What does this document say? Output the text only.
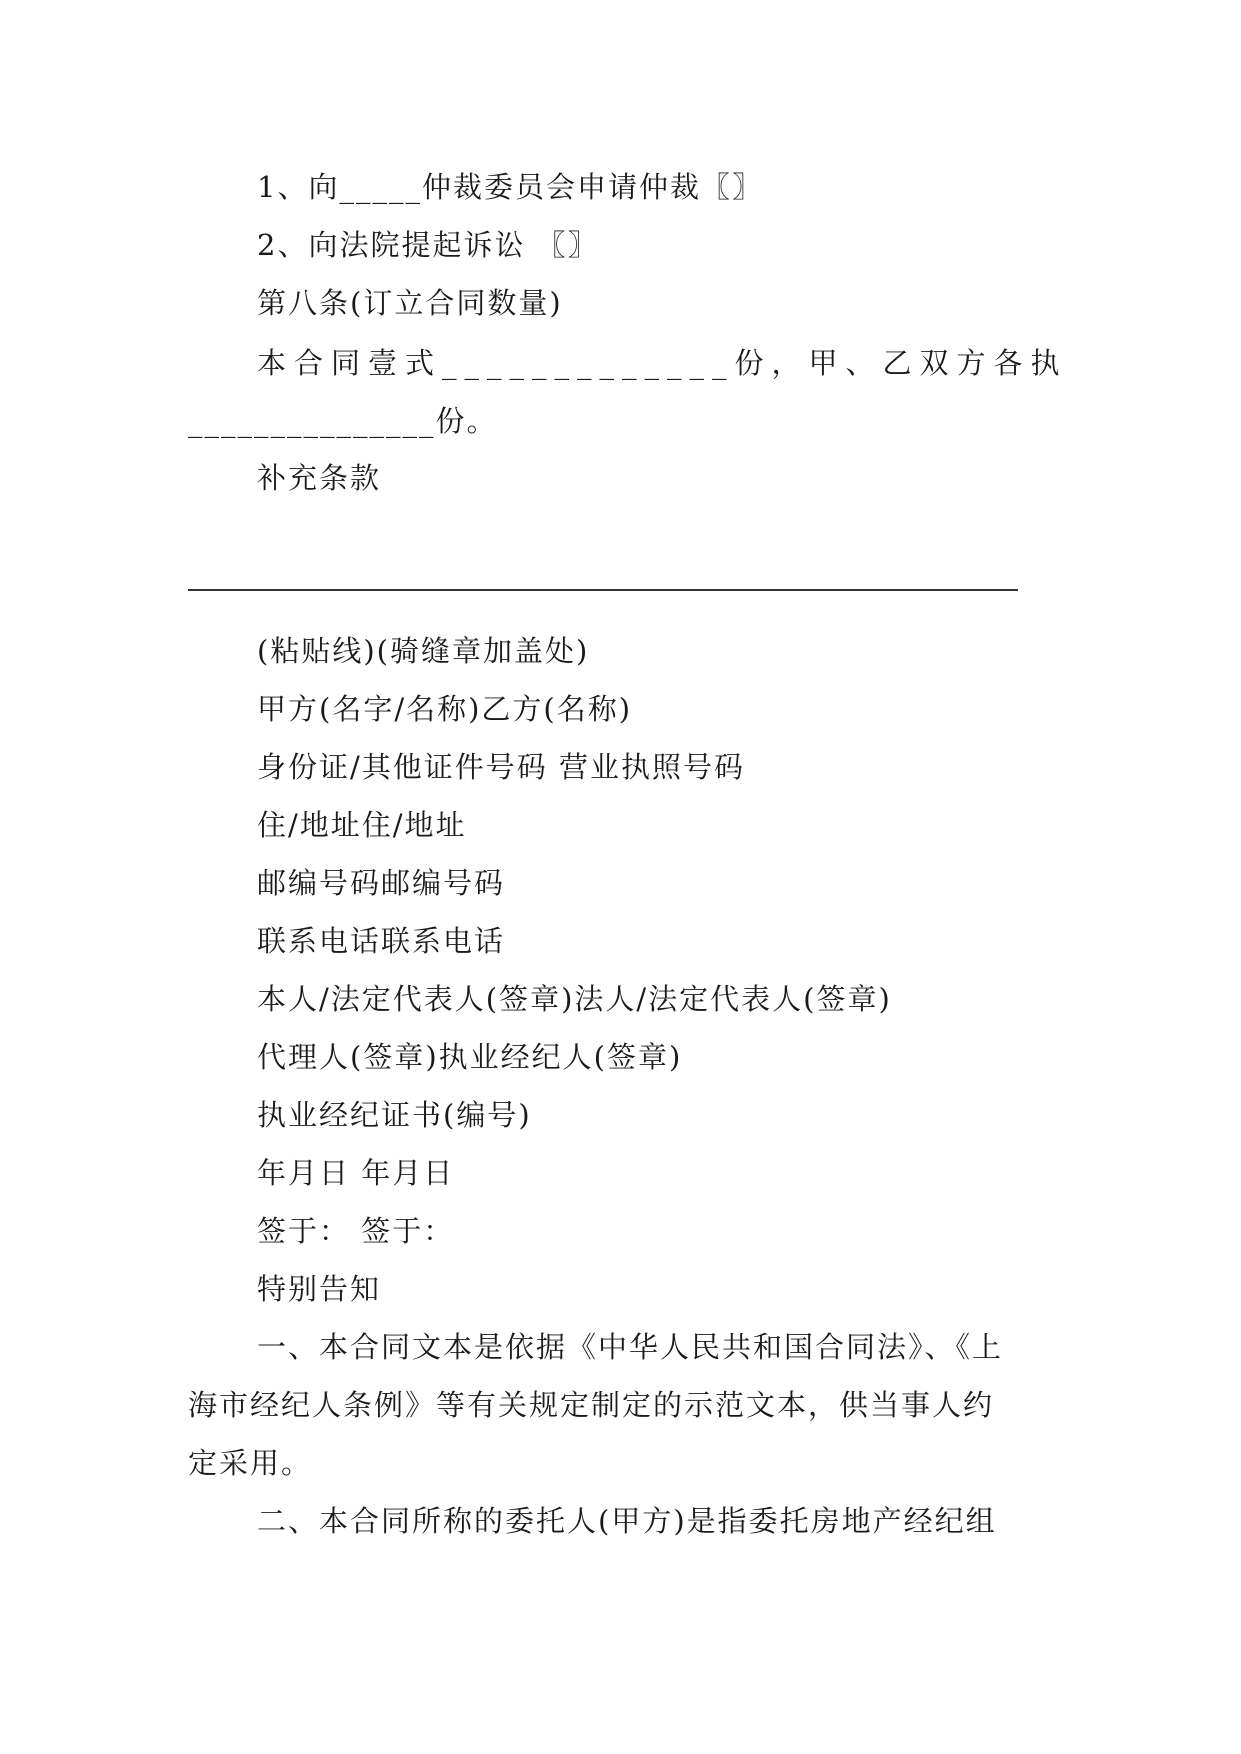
1、向_____仲裁委员会申请仲裁〖〗
2、向法院提起诉讼 〖〗
第八条(订立合同数量)
本合同壹式_____________份，甲、乙双方各执
_______________份。
补充条款
(粘贴线)(骑缝章加盖处)
甲方(名字/名称)乙方(名称)
身份证/其他证件号码 营业执照号码
住/地址住/地址
邮编号码邮编号码
联系电话联系电话
本人/法定代表人(签章)法人/法定代表人(签章)
代理人(签章)执业经纪人(签章)
执业经纪证书(编号)
年月日 年月日
签于： 签于：
特别告知
一、本合同文本是依据《中华人民共和国合同法》、《上
海市经纪人条例》等有关规定制定的示范文本，供当事人约
定采用。
二、本合同所称的委托人(甲方)是指委托房地产经纪组
